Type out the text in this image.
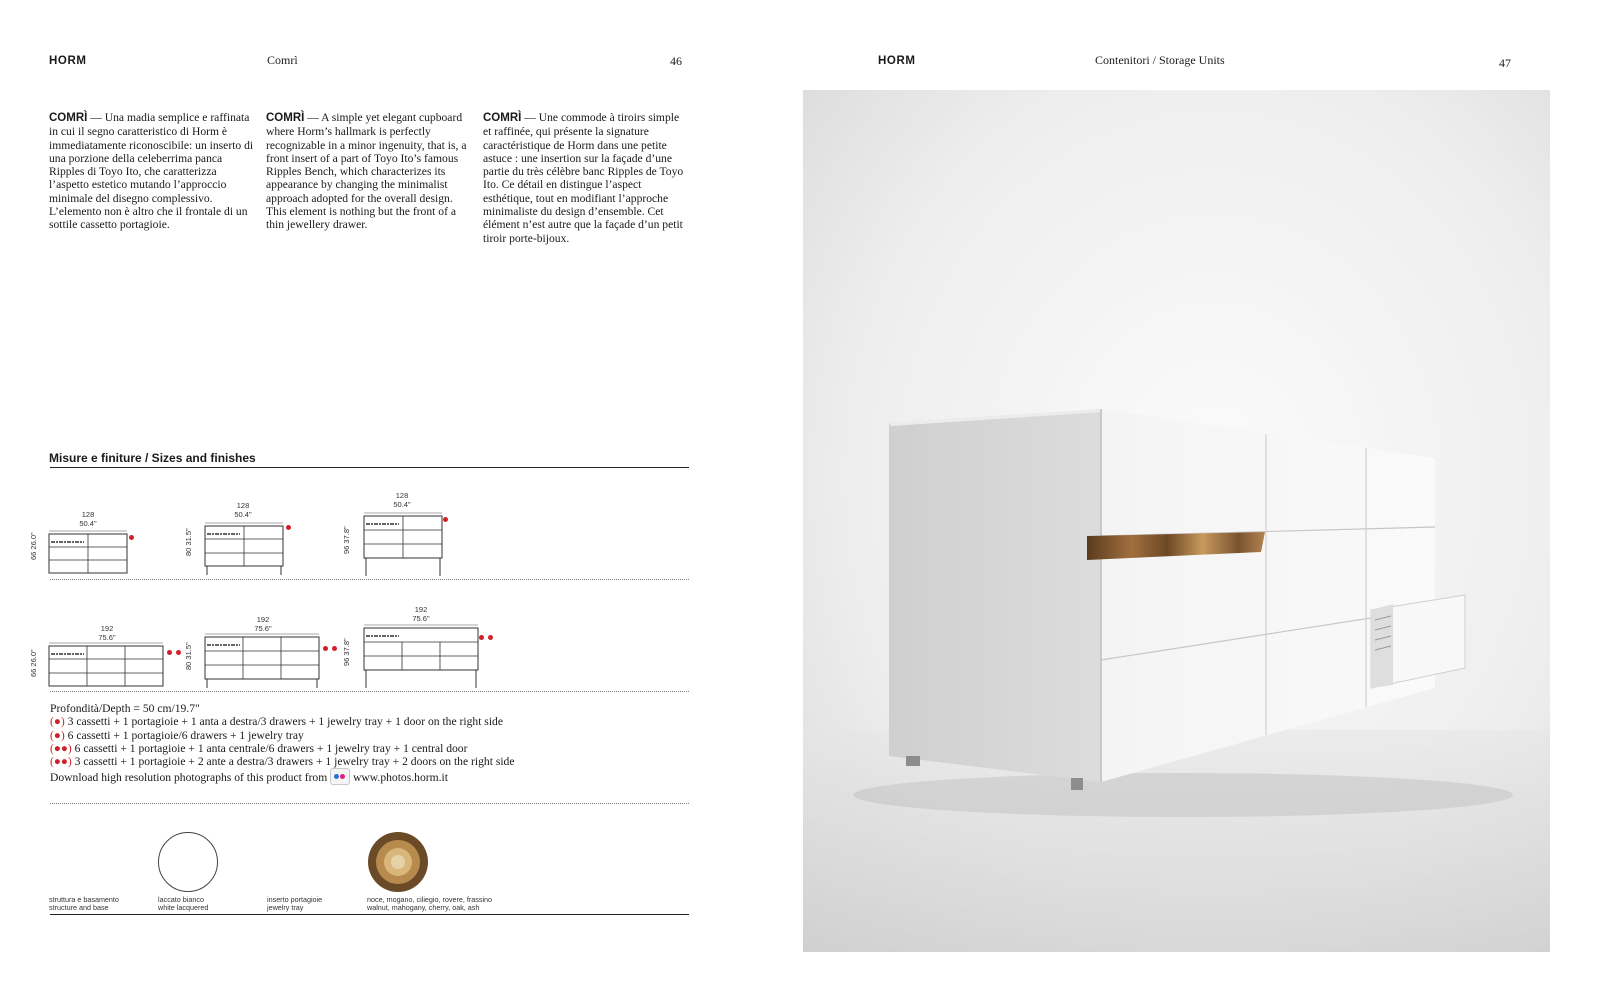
HORM	Comrì	46
COMRÌ — Una madia semplice e raffinata in cui il segno caratteristico di Horm è immediatamente riconoscibile: un inserto di una porzione della celeberrima panca Ripples di Toyo Ito, che caratterizza l’aspetto estetico mutando l’approccio minimale del disegno complessivo. L’elemento non è altro che il frontale di un sottile cassetto portagioie.
COMRÌ — A simple yet elegant cupboard where Horm’s hallmark is perfectly recognizable in a minor ingenuity, that is, a front insert of a part of Toyo Ito’s famous Ripples Bench, which characterizes its appearance by changing the minimalist approach adopted for the overall design. This element is nothing but the front of a thin jewellery drawer.
COMRÌ — Une commode à tiroirs simple et raffinée, qui présente la signature caractéristique de Horm dans une petite astuce : une insertion sur la façade d’une partie du très célèbre banc Ripples de Toyo Ito. Ce détail en distingue l’aspect esthétique, tout en modifiant l’approche minimaliste du design d’ensemble. Cet élément n’est autre que la façade d’un petit tiroir porte-bijoux.
Misure e finiture / Sizes and finishes
128
50.4"
66 26.0"
128
50.4"
80 31.5"
128
50.4"
96 37.8"
192
75.6"
66 26.0"

192
75.6"
80 31.5"

192
75.6"
96 37.8"

Profondità/Depth = 50 cm/19.7"
(●) 3 cassetti + 1 portagioie + 1 anta a destra/3 drawers + 1 jewelry tray + 1 door on the right side
(●) 6 cassetti + 1 portagioie/6 drawers + 1 jewelry tray
(●●) 6 cassetti + 1 portagioie + 1 anta centrale/6 drawers + 1 jewelry tray + 1 central door
(●●) 3 cassetti + 1 portagioie + 2 ante a destra/3 drawers + 1 jewelry tray + 2 doors on the right side
Download high resolution photographs of this product from www.photos.horm.it
struttura e basamento
structure and base
laccato bianco
white lacquered
inserto portagioie
jewelry tray
noce, mogano, ciliegio, rovere, frassino
walnut, mahogany, cherry, oak, ash
HORM	Contenitori / Storage Units	47
